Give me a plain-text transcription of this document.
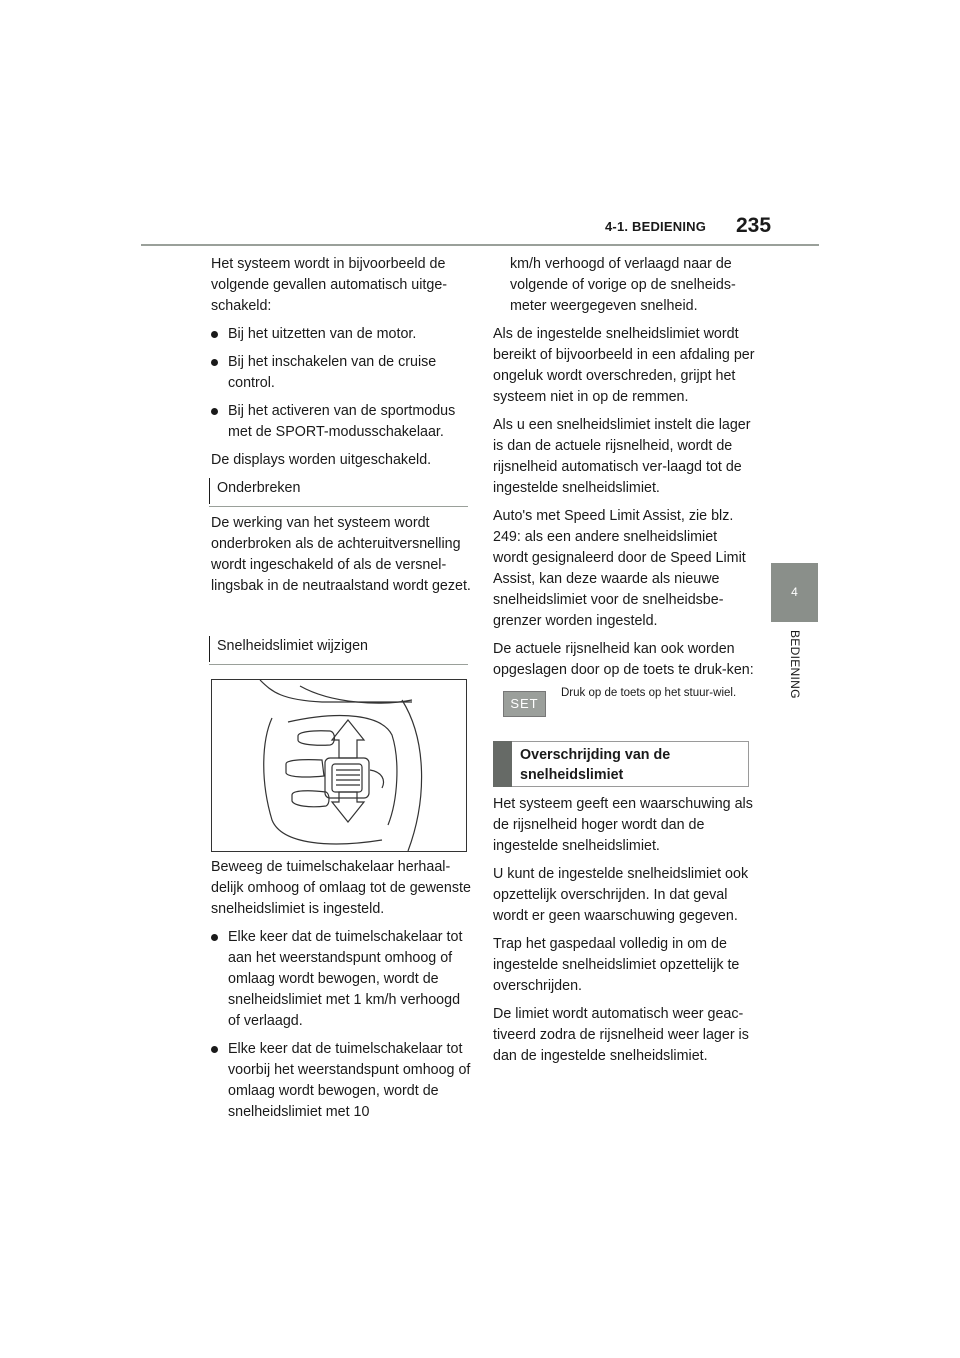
4-1. BEDIENING 235
4
BEDIENING

Het systeem wordt in bijvoorbeeld de volgende gevallen automatisch uitge-schakeld:

Bij het uitzetten van de motor.
Bij het inschakelen van de cruise control.
Bij het activeren van de sportmodus met de SPORT-modusschakelaar.

De displays worden uitgeschakeld.

Onderbreken

De werking van het systeem wordt onderbroken als de achteruitversnelling wordt ingeschakeld of als de versnel-lingsbak in de neutraalstand wordt gezet.

Snelheidslimiet wijzigen

Beweeg de tuimelschakelaar herhaal-delijk omhoog of omlaag tot de gewenste snelheidslimiet is ingesteld.

Elke keer dat de tuimelschakelaar tot aan het weerstandspunt omhoog of omlaag wordt bewogen, wordt de snelheidslimiet met 1 km/h verhoogd of verlaagd.
Elke keer dat de tuimelschakelaar tot voorbij het weerstandspunt omhoog of omlaag wordt bewogen, wordt de snelheidslimiet met 10

km/h verhoogd of verlaagd naar de volgende of vorige op de snelheids-meter weergegeven snelheid.

Als de ingestelde snelheidslimiet wordt bereikt of bijvoorbeeld in een afdaling per ongeluk wordt overschreden, grijpt het systeem niet in op de remmen.

Als u een snelheidslimiet instelt die lager is dan de actuele rijsnelheid, wordt de rijsnelheid automatisch ver-laagd tot de ingestelde snelheidslimiet.

Auto's met Speed Limit Assist, zie blz. 249: als een andere snelheidslimiet wordt gesignaleerd door de Speed Limit Assist, kan deze waarde als nieuwe snelheidslimiet voor de snelheidsbe-grenzer worden ingesteld.

De actuele rijsnelheid kan ook worden opgeslagen door op de toets te druk-ken:

SET
Druk op de toets op het stuur-wiel.
Overschrijding van de
snelheidslimiet

Het systeem geeft een waarschuwing als de rijsnelheid hoger wordt dan de ingestelde snelheidslimiet.

U kunt de ingestelde snelheidslimiet ook opzettelijk overschrijden. In dat geval wordt er geen waarschuwing gegeven.

Trap het gaspedaal volledig in om de ingestelde snelheidslimiet opzettelijk te overschrijden.

De limiet wordt automatisch weer geac-tiveerd zodra de rijsnelheid weer lager is dan de ingestelde snelheidslimiet.
